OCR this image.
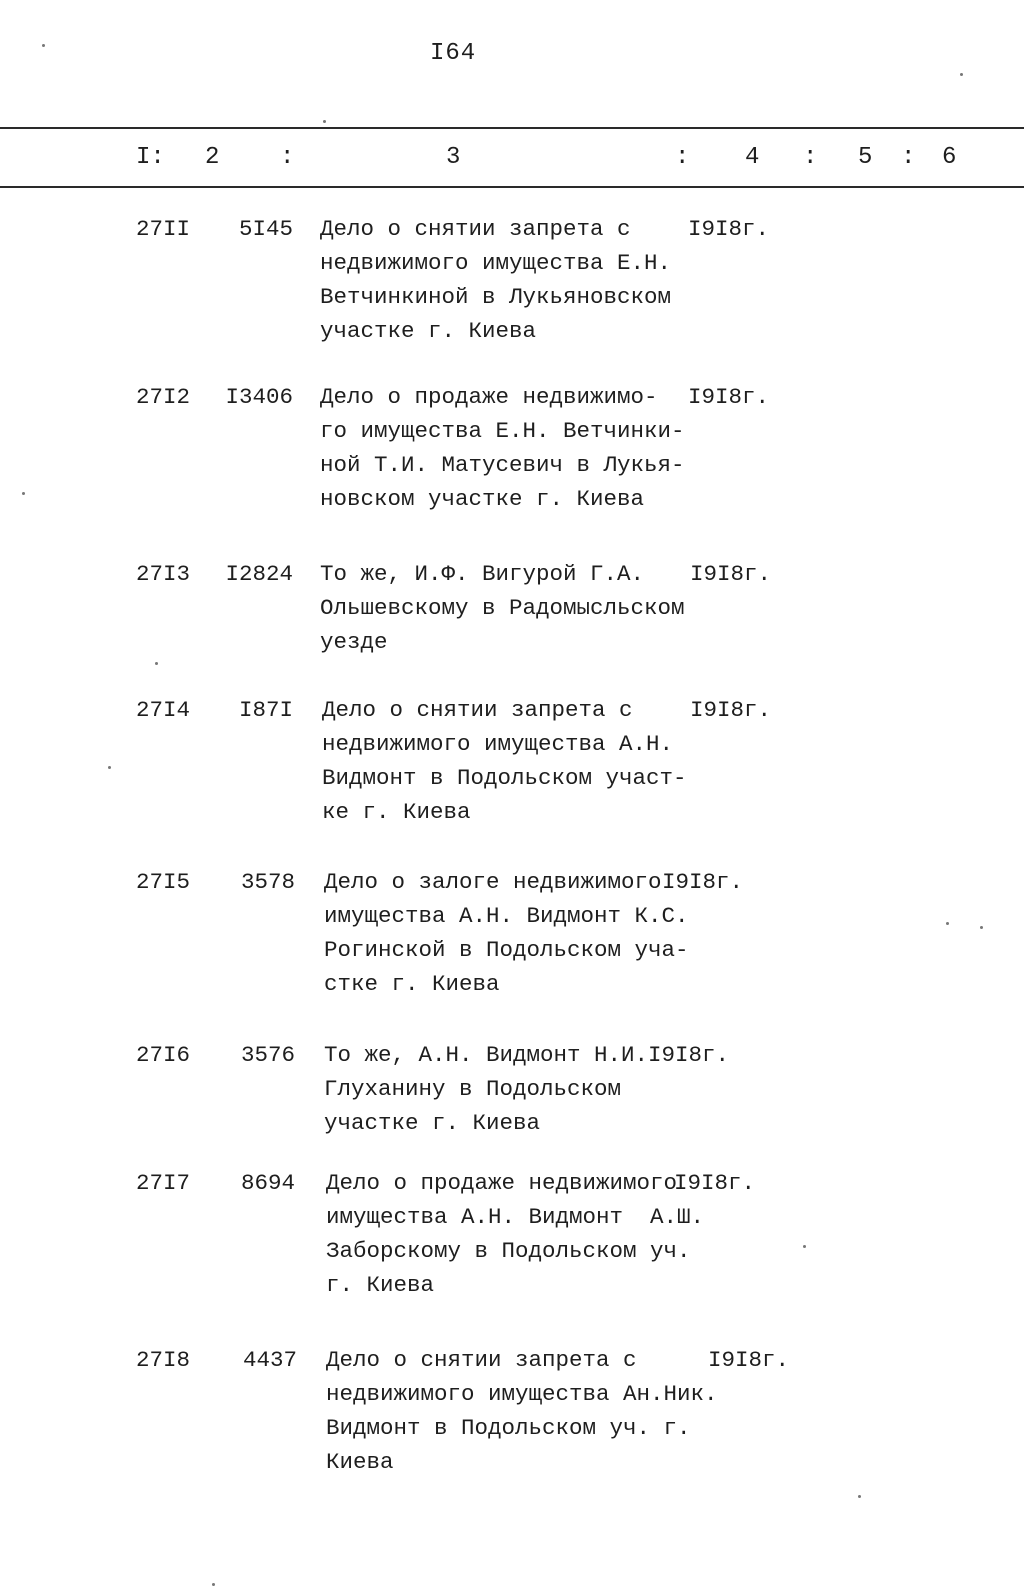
I64
I: 2	:	3	: 4 : 5 : 6
27II	5I45 Дело о снятии запрета с
недвижимого имущества Е.Н.
Ветчинкиной в Лукьяновском
участке г. Киева
I9I8г.
27I2	I3406 Дело о продаже недвижимо-
го имущества Е.Н. Ветчинки-
ной Т.И. Матусевич в Лукья-
новском участке г. Киева
I9I8г.
27I3	I2824 То же, И.Ф. Вигурой Г.А.
Ольшевскому в Радомысльском
уезде
I9I8г.
27I4	I87I Дело о снятии запрета с
недвижимого имущества А.Н.
Видмонт в Подольском участ-
ке г. Киева
I9I8г.
27I5	3578 Дело о залоге недвижимого
имущества А.Н. Видмонт К.С.
Рогинской в Подольском уча-
стке г. Киева
I9I8г.
27I6	3576 То же, А.Н. Видмонт Н.И.
Глуханину в Подольском
участке г. Киева
I9I8г.
27I7	8694 Дело о продаже недвижимого
имущества А.Н. Видмонт  А.Ш.
Заборскому в Подольском уч.
г. Киева
I9I8г.
27I8	4437 Дело о снятии запрета с
недвижимого имущества Ан.Ник.
Видмонт в Подольском уч. г.
Киева
I9I8г.
